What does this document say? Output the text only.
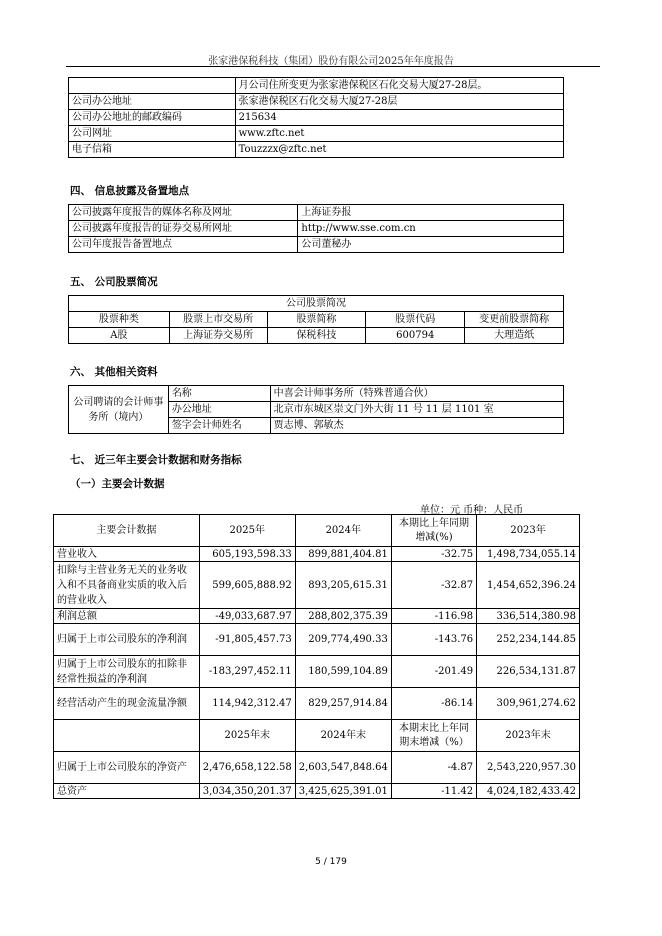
张家港保税科技（集团）股份有限公司2025年年度报告
	月公司住所变更为张家港保税区石化交易大厦27-28层。
公司办公地址	张家港保税区石化交易大厦27-28层
公司办公地址的邮政编码	215634
公司网址	www.zftc.net
电子信箱	Touzzzx@zftc.net
四、 信息披露及备置地点
公司披露年度报告的媒体名称及网址	上海证券报
公司披露年度报告的证券交易所网址	http://www.sse.com.cn
公司年度报告备置地点	公司董秘办
五、 公司股票简况
公司股票简况				
股票种类	股票上市交易所	股票简称	股票代码	变更前股票简称
A股	上海证券交易所	保税科技	600794	大理造纸
六、 其他相关资料
公司聘请的会计师事务所（境内）	名称	中喜会计师事务所（特殊普通合伙）
	办公地址	北京市东城区崇文门外大街 11 号 11 层 1101 室
	签字会计师姓名	贾志博、郭敏杰
七、 近三年主要会计数据和财务指标
（一）主要会计数据
单位：元 币种：人民币
主要会计数据	2025年	2024年	本期比上年同期增减(%)	2023年
营业收入	605,193,598.33	899,881,404.81	-32.75	1,498,734,055.14
扣除与主营业务无关的业务收入和不具备商业实质的收入后的营业收入	599,605,888.92	893,205,615.31	-32.87	1,454,652,396.24
利润总额	-49,033,687.97	288,802,375.39	-116.98	336,514,380.98
归属于上市公司股东的净利润	-91,805,457.73	209,774,490.33	-143.76	252,234,144.85
归属于上市公司股东的扣除非经常性损益的净利润	-183,297,452.11	180,599,104.89	-201.49	226,534,131.87
经营活动产生的现金流量净额	114,942,312.47	829,257,914.84	-86.14	309,961,274.62
	2025年末	2024年末	本期末比上年同期末增减（%）	2023年末
归属于上市公司股东的净资产	2,476,658,122.58	2,603,547,848.64	-4.87	2,543,220,957.30
总资产	3,034,350,201.37	3,425,625,391.01	-11.42	4,024,182,433.42
5 / 179
